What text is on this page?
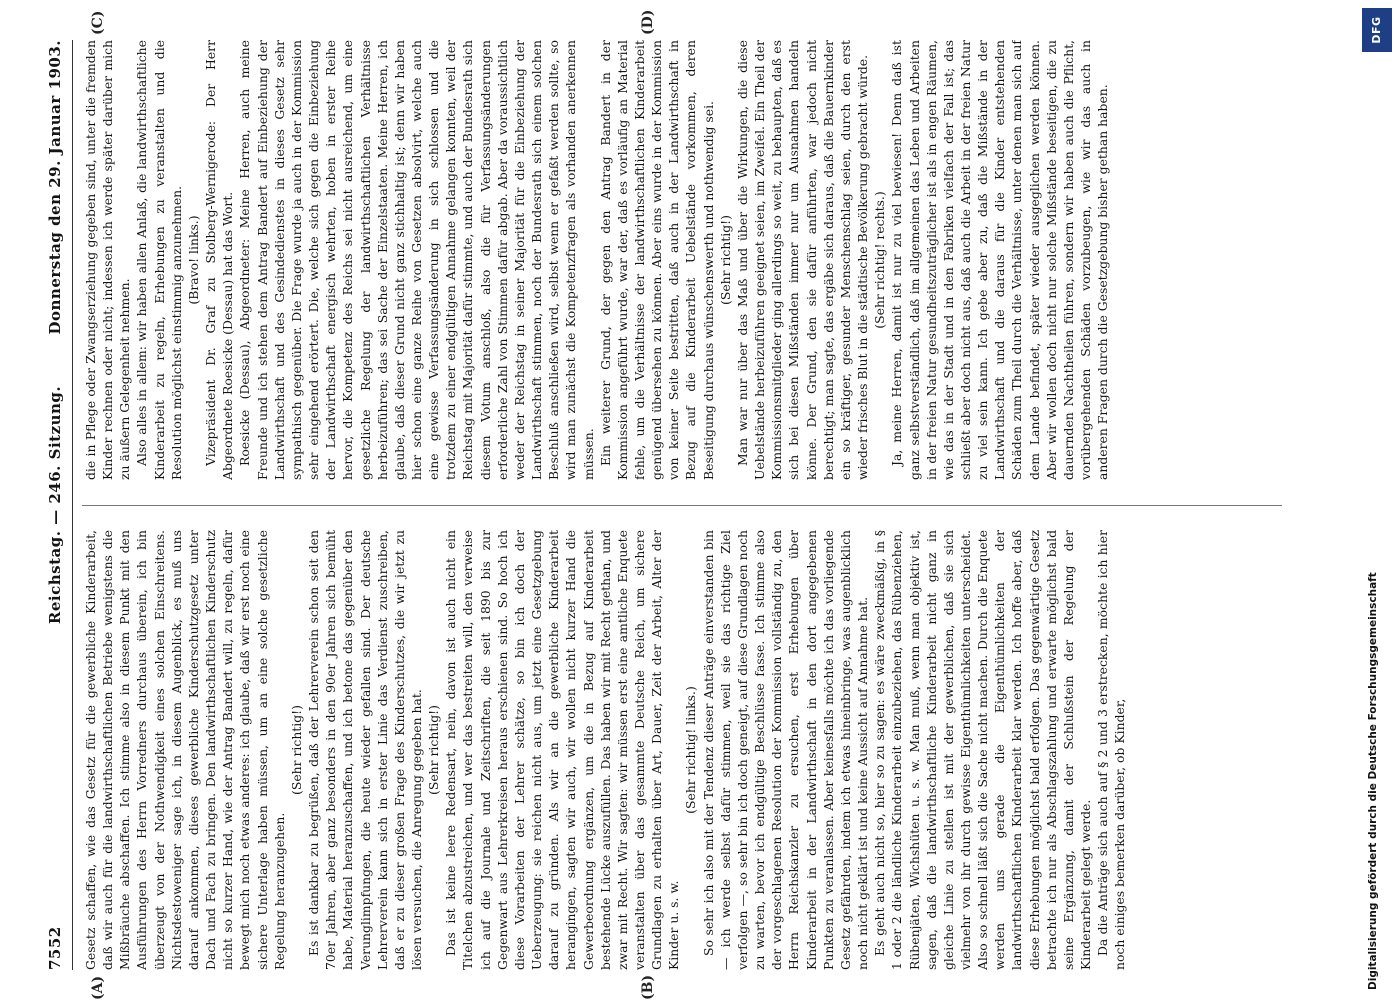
7552
Reichstag. — 246. Sitzung.
Donnerstag den 29. Januar 1903.
(A)	(B)
(C)	(D)

Gesetz schaffen, wie das Gesetz für die gewerbliche Kinderarbeit, daß wir auch für die landwirthschaftlichen Betriebe wenigstens die Mißbräuche abschaffen. Ich stimme also in diesem Punkt mit den Ausführungen des Herrn Vorredners durchaus überein, ich bin überzeugt von der Nothwendigkeit eines solchen Einschreitens. Nichtsdestoweniger sage ich, in diesem Augenblick, es muß uns darauf ankommen, dieses gewerbliche Kinderschutzgesetz unter Dach und Fach zu bringen. Den landwirthschaftlichen Kinderschutz nicht so kurzer Hand, wie der Antrag Bandert will, zu regeln, dafür bewegt mich noch etwas anderes: ich glaube, daß wir erst noch eine sichere Unterlage haben müssen, um an eine solche gesetzliche Regelung heranzugehen.

(Sehr richtig!) Es ist dankbar zu begrüßen, daß der Lehrerverein schon seit den 70er Jahren, aber ganz besonders in den 90er Jahren sich bemüht habe, Material heranzuschaffen, und ich betone das gegenüber den Verunglimpfungen, die heute wieder gefallen sind. Der deutsche Lehrerverein kann sich in erster Linie das Verdienst zuschreiben, daß er zu dieser großen Frage des Kinderschutzes, die wir jetzt zu lösen versuchen, die Anregung gegeben hat. (Sehr richtig!) Das ist keine leere Redensart, nein, davon ist auch nicht ein Titelchen abzustreichen, und wer das bestreiten will, den verweise ich auf die Journale und Zeitschriften, die seit 1890 bis zur Gegenwart aus Lehrerkreisen heraus erschienen sind. So hoch ich diese Vorarbeiten der Lehrer schätze, so bin ich doch der Ueberzeugung: sie reichen nicht aus, um jetzt eine Gesetzgebung darauf zu gründen. Als wir an die gewerbliche Kinderarbeit herangingen, sagten wir auch, wir wollen nicht kurzer Hand die Gewerbeordnung ergänzen, um die in Bezug auf Kinderarbeit bestehende Lücke auszufüllen. Das haben wir mit Recht gethan, und zwar mit Recht. Wir sagten: wir müssen erst eine amtliche Enquete veranstalten über das gesammte Deutsche Reich, um sichere Grundlagen zu erhalten über Art, Dauer, Zeit der Arbeit, Alter der Kinder u. s. w.

(Sehr richtig! links.) So sehr ich also mit der Tendenz dieser Anträge einverstanden bin — ich werde selbst dafür stimmen, weil sie das richtige Ziel verfolgen —, so sehr bin ich doch geneigt, auf diese Grundlagen noch zu warten, bevor ich endgültige Beschlüsse fasse. Ich stimme also der vorgeschlagenen Resolution der Kommission vollständig zu, den Herrn Reichskanzler zu ersuchen, erst Erhebungen über Kinderarbeit in der Landwirthschaft in den dort angegebenen Punkten zu veranlassen. Aber keinesfalls möchte ich das vorliegende Gesetz gefährden, indem ich etwas hineinbringe, was augenblicklich noch nicht geklärt ist und keine Aussicht auf Annahme hat. Es geht auch nicht so, hier so zu sagen: es wäre zweckmäßig, in § 1 oder 2 die ländliche Kinderarbeit einzubeziehen, das Rübenziehen, Rübenjäten, Wichshüten u. s. w. Man muß, wenn man objektiv ist, sagen, daß die landwirthschaftliche Kinderarbeit nicht ganz in gleiche Linie zu stellen ist mit der gewerblichen, daß sie sich vielmehr von ihr durch gewisse Eigenthümlichkeiten unterscheidet. Also so schnell läßt sich die Sache nicht machen. Durch die Enquete werden uns gerade die Eigenthümlichkeiten der landwirthschaftlichen Kinderarbeit klar werden. Ich hoffe aber, daß diese Erhebungen möglichst bald erfolgen. Das gegenwärtige Gesetz betrachte ich nur als Abschlagszahlung und erwarte möglichst bald seine Ergänzung, damit der Schlußstein der Regelung der Kinderarbeit gelegt werde. Da die Anträge sich auch auf § 2 und 3 erstrecken, möchte ich hier noch einiges bemerken darüber, ob Kinder,

die in Pflege oder Zwangserziehung gegeben sind, unter die fremden Kinder rechnen oder nicht; indessen ich werde später darüber mich zu äußern Gelegenheit nehmen. Also alles in allem: wir haben allen Anlaß, die landwirthschaftliche Kinderarbeit zu regeln, Erhebungen zu veranstalten und die Resolution möglichst einstimmig anzunehmen. (Bravo! links.) Vizepräsident Dr. Graf zu Stolberg-Wernigerode: Der Herr Abgeordnete Roesicke (Dessau) hat das Wort. Roesicke (Dessau), Abgeordneter: Meine Herren, auch meine Freunde und ich stehen dem Antrag Bandert auf Einbeziehung der Landwirthschaft und des Gesindedienstes in dieses Gesetz sehr sympathisch gegenüber. Die Frage wurde ja auch in der Kommission sehr eingehend erörtert. Die, welche sich gegen die Einbeziehung der Landwirthschaft energisch wehrten, hoben in erster Reihe hervor, die Kompetenz des Reichs sei nicht ausreichend, um eine gesetzliche Regelung der landwirthschaftlichen Verhältnisse herbeizuführen; das sei Sache der Einzelstaaten. Meine Herren, ich glaube, daß dieser Grund nicht ganz stichhaltig ist; denn wir haben hier schon eine ganze Reihe von Gesetzen absolvirt, welche auch eine gewisse Verfassungsänderung in sich schlossen und die trotzdem zu einer endgültigen Annahme gelangen konnten, weil der Reichstag mit Majorität dafür stimmte, und auch der Bundesrath sich diesem Votum anschloß, also die für Verfassungsänderungen erforderliche Zahl von Stimmen dafür abgab. Aber da voraussichtlich weder der Reichstag in seiner Majorität für die Einbeziehung der Landwirthschaft stimmen, noch der Bundesrath sich einem solchen Beschluß anschließen wird, selbst wenn er gefaßt werden sollte, so wird man zunächst die Kompetenzfragen als vorhanden anerkennen müssen. Ein weiterer Grund, der gegen den Antrag Bandert in der Kommission angeführt wurde, war der, daß es vorläufig an Material fehle, um die Verhältnisse der landwirthschaftlichen Kinderarbeit genügend übersehen zu können. Aber eins wurde in der Kommission von keiner Seite bestritten, daß auch in der Landwirthschaft in Bezug auf die Kinderarbeit Uebelstände vorkommen, deren Beseitigung durchaus wünschenswerth und nothwendig sei. (Sehr richtig!) Man war nur über das Maß und über die Wirkungen, die diese Uebelstände herbeizuführen geeignet seien, im Zweifel. Ein Theil der Kommissionsmitglieder ging allerdings so weit, zu behaupten, daß es sich bei diesen Mißständen immer nur um Ausnahmen handeln könne. Der Grund, den sie dafür anführten, war jedoch nicht berechtigt; man sagte, das ergäbe sich daraus, daß die Bauernkinder ein so kräftiger, gesunder Menschenschlag seien, durch den erst wieder frisches Blut in die städtische Bevölkerung gebracht würde. (Sehr richtig! rechts.) Ja, meine Herren, damit ist nur zu viel bewiesen! Denn daß ist ganz selbstverständlich, daß im allgemeinen das Leben und Arbeiten in der freien Natur gesundheitszuträglicher ist als in engen Räumen, wie das in der Stadt und in den Fabriken vielfach der Fall ist; das schließt aber doch nicht aus, daß auch die Arbeit in der freien Natur zu viel sein kann. Ich gebe aber zu, daß die Mißstände in der Landwirthschaft und die daraus für die Kinder entstehenden Schäden zum Theil durch die Verhältnisse, unter denen man sich auf dem Lande befindet, später wieder ausgeglichen werden können. Aber wir wollen doch nicht nur solche Mißstände beseitigen, die zu dauernden Nachtheilen führen, sondern wir haben auch die Pflicht, vorübergehenden Schäden vorzubeugen, wie wir das auch in anderen Fragen durch die Gesetzgebung bisher gethan haben.

DFG
Digitalisierung gefördert durch die Deutsche Forschungsgemeinschaft
